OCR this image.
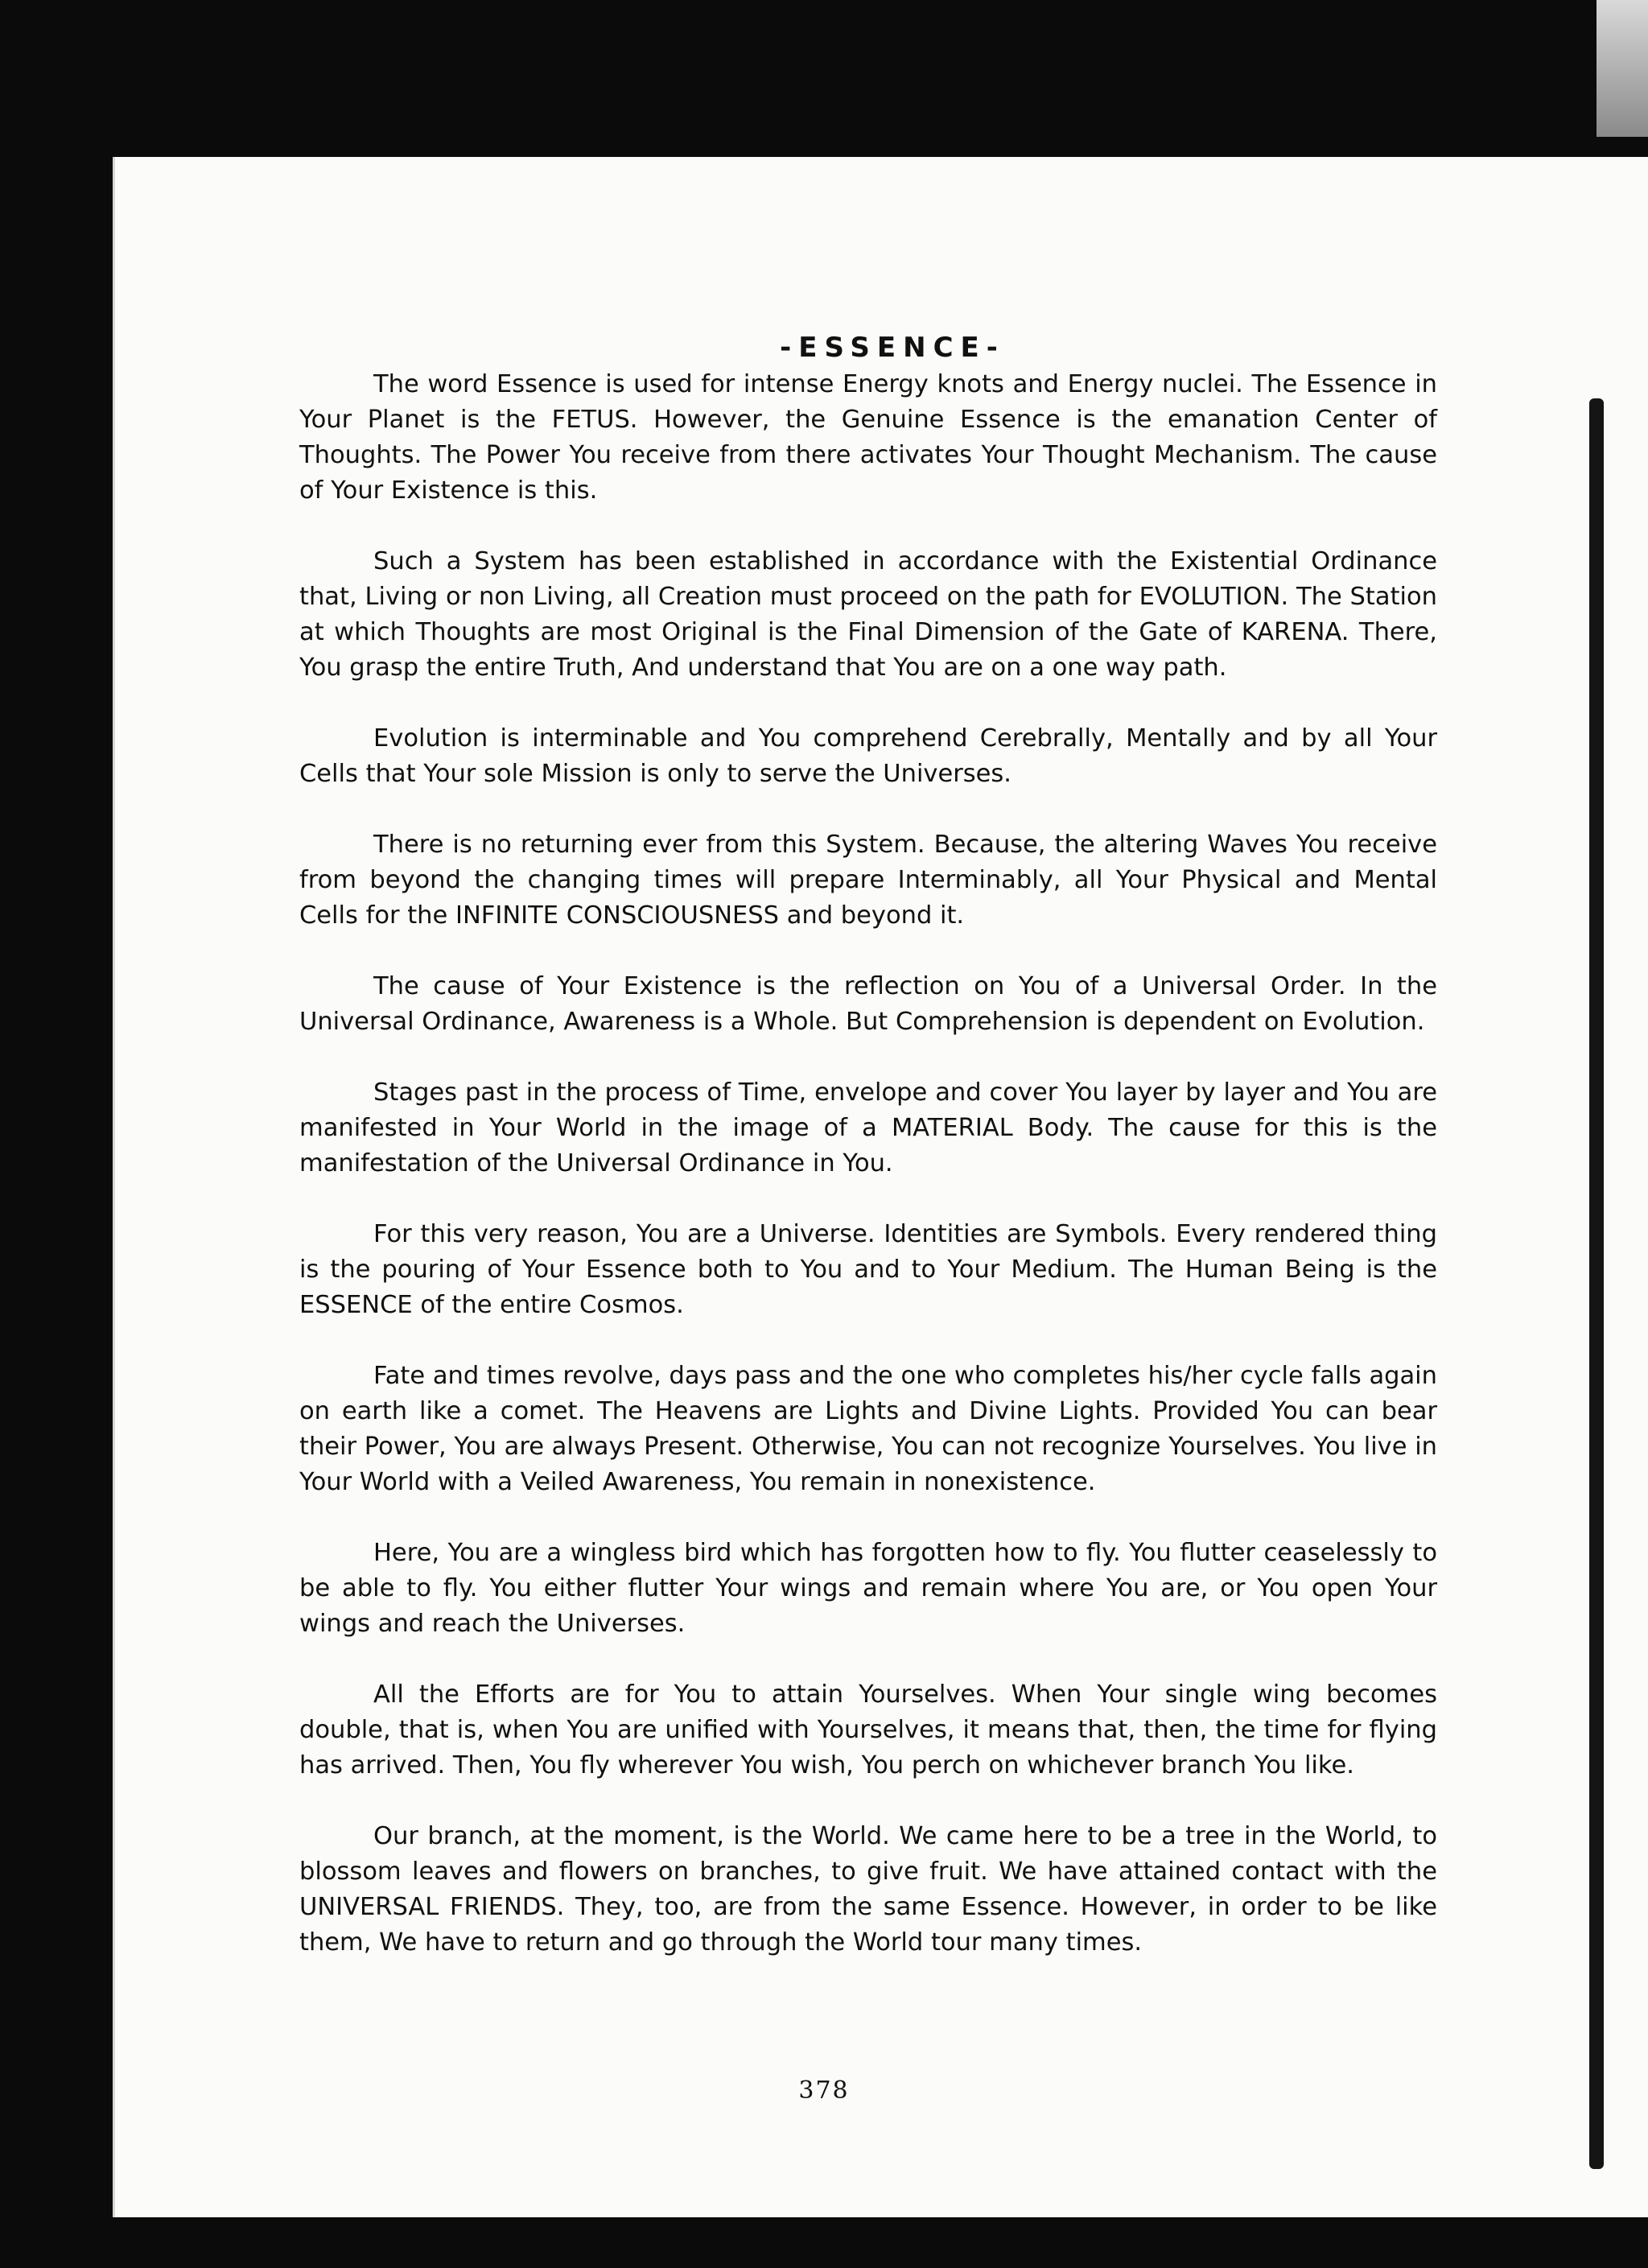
-ESSENCE-

The word Essence is used for intense Energy knots and Energy nuclei. The Essence in Your Planet is the FETUS. However, the Genuine Essence is the emanation Center of Thoughts. The Power You receive from there activates Your Thought Mechanism. The cause of Your Existence is this.

Such a System has been established in accordance with the Existential Ordinance that, Living or non Living, all Creation must proceed on the path for EVOLUTION. The Station at which Thoughts are most Original is the Final Dimension of the Gate of KARENA. There, You grasp the entire Truth, And understand that You are on a one way path.

Evolution is interminable and You comprehend Cerebrally, Mentally and by all Your Cells that Your sole Mission is only to serve the Universes.

There is no returning ever from this System. Because, the altering Waves You receive from beyond the changing times will prepare Interminably, all Your Physical and Mental Cells for the INFINITE CONSCIOUSNESS and beyond it.

The cause of Your Existence is the reflection on You of a Universal Order. In the Universal Ordinance, Awareness is a Whole. But Comprehension is dependent on Evolution.

Stages past in the process of Time, envelope and cover You layer by layer and You are manifested in Your World in the image of a MATERIAL Body. The cause for this is the manifestation of the Universal Ordinance in You.

For this very reason, You are a Universe. Identities are Symbols. Every rendered thing is the pouring of Your Essence both to You and to Your Medium. The Human Being is the ESSENCE of the entire Cosmos.

Fate and times revolve, days pass and the one who completes his/her cycle falls again on earth like a comet. The Heavens are Lights and Divine Lights. Provided You can bear their Power, You are always Present. Otherwise, You can not recognize Yourselves. You live in Your World with a Veiled Awareness, You remain in nonexistence.

Here, You are a wingless bird which has forgotten how to fly. You flutter ceaselessly to be able to fly. You either flutter Your wings and remain where You are, or You open Your wings and reach the Universes.

All the Efforts are for You to attain Yourselves. When Your single wing becomes double, that is, when You are unified with Yourselves, it means that, then, the time for flying has arrived. Then, You fly wherever You wish, You perch on whichever branch You like.

Our branch, at the moment, is the World. We came here to be a tree in the World, to blossom leaves and flowers on branches, to give fruit. We have attained contact with the UNIVERSAL FRIENDS. They, too, are from the same Essence. However, in order to be like them, We have to return and go through the World tour many times.

378
